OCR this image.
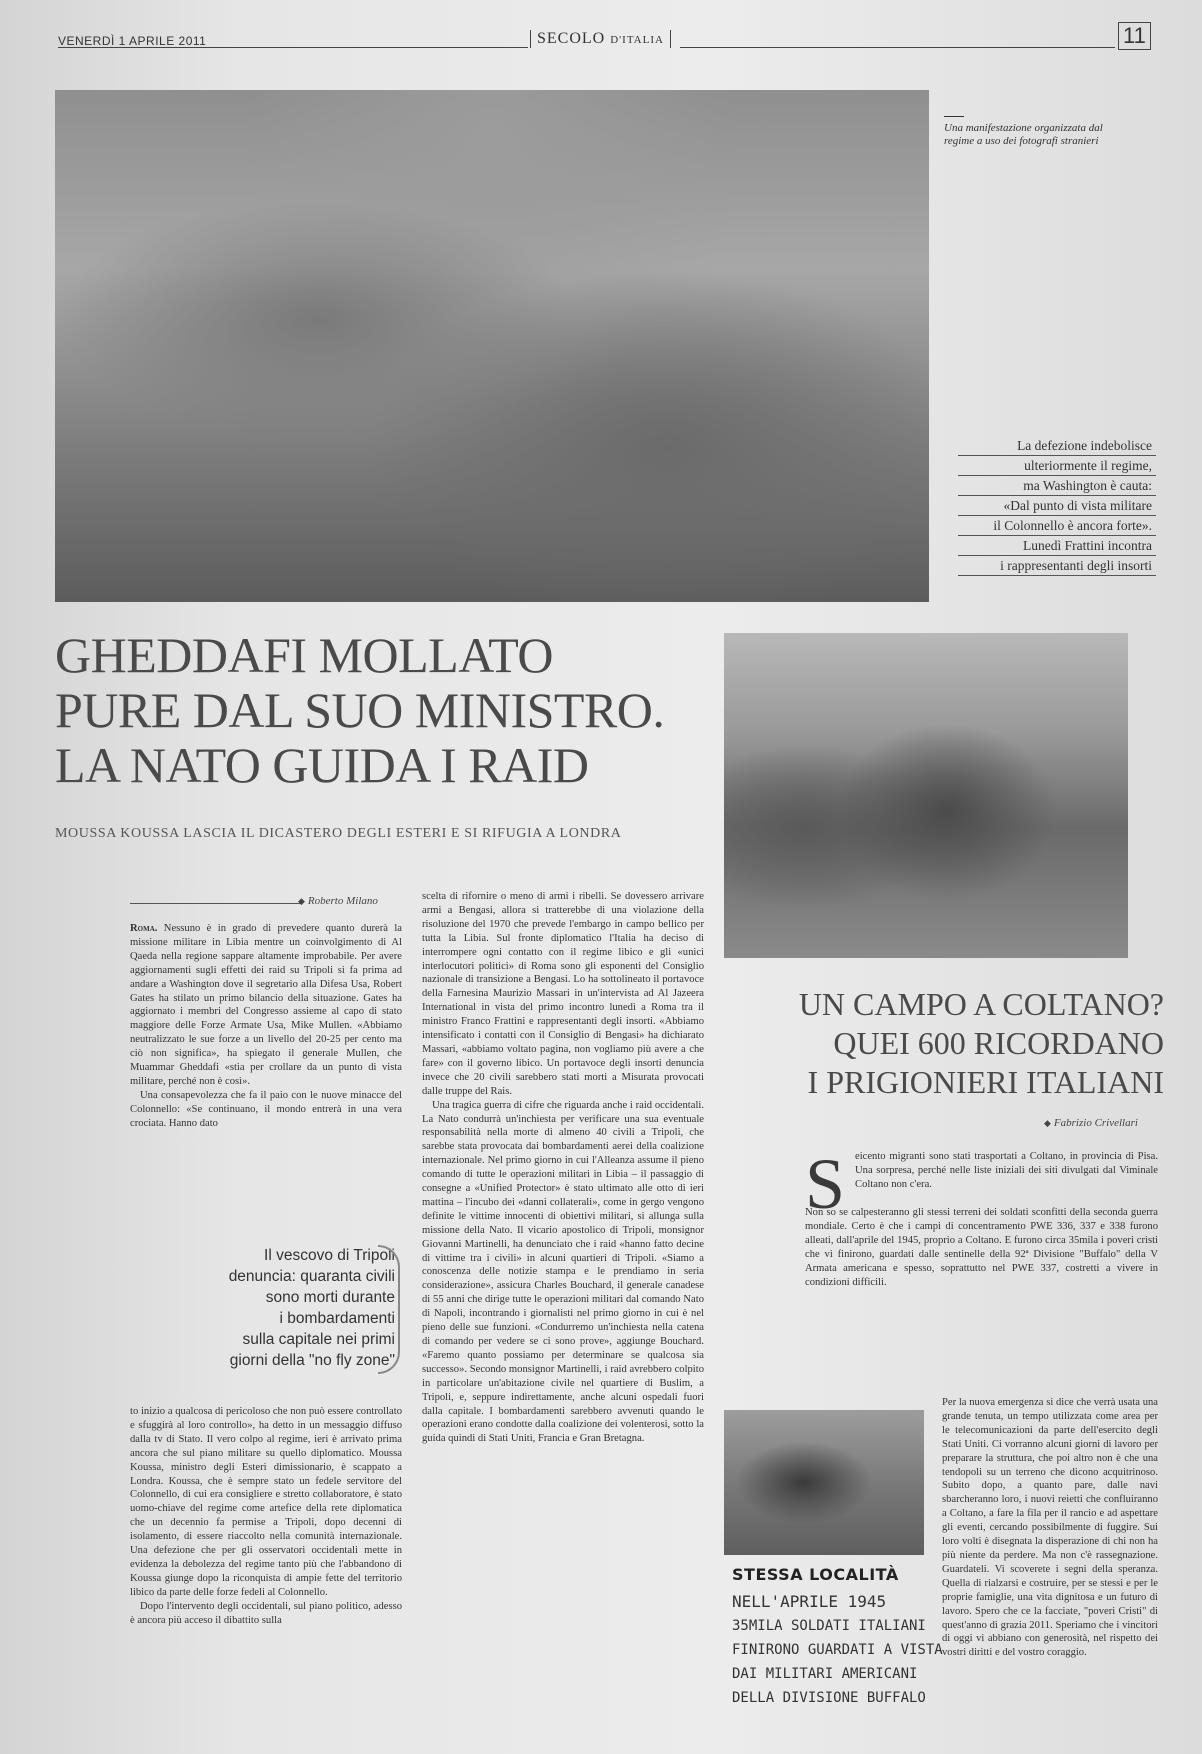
VENERDÌ 1 APRILE 2011	SECOLO D'ITALIA	11
Una manifestazione organizzata dal regime a uso dei fotografi stranieri
La defezione indebolisce
ulteriormente il regime,
ma Washington è cauta:
«Dal punto di vista militare
il Colonnello è ancora forte».
Lunedì Frattini incontra
i rappresentanti degli insorti
GHEDDAFI MOLLATO
PURE DAL SUO MINISTRO.
LA NATO GUIDA I RAID
MOUSSA KOUSSA LASCIA IL DICASTERO DEGLI ESTERI E SI RIFUGIA A LONDRA
◆ Roberto Milano

Roma. Nessuno è in grado di prevedere quanto durerà la missione militare in Libia mentre un coinvolgimento di Al Qaeda nella regione sappare altamente improbabile. Per avere aggiornamenti sugli effetti dei raid su Tripoli si fa prima ad andare a Washington dove il segretario alla Difesa Usa, Robert Gates ha stilato un primo bilancio della situazione. Gates ha aggiornato i membri del Congresso assieme al capo di stato maggiore delle Forze Armate Usa, Mike Mullen. «Abbiamo neutralizzato le sue forze a un livello del 20-25 per cento ma ciò non significa», ha spiegato il generale Mullen, che Muammar Gheddafi «stia per crollare da un punto di vista militare, perché non è così».

Una consapevolezza che fa il paio con le nuove minacce del Colonnello: «Se continuano, il mondo entrerà in una vera crociata. Hanno dato

Il vescovo di Tripoli
denuncia: quaranta civili
sono morti durante
i bombardamenti
sulla capitale nei primi
giorni della "no fly zone"

to inizio a qualcosa di pericoloso che non può essere controllato e sfuggirà al loro controllo», ha detto in un messaggio diffuso dalla tv di Stato. Il vero colpo al regime, ieri è arrivato prima ancora che sul piano militare su quello diplomatico. Moussa Koussa, ministro degli Esteri dimissionario, è scappato a Londra. Koussa, che è sempre stato un fedele servitore del Colonnello, di cui era consigliere e stretto collaboratore, è stato uomo-chiave del regime come artefice della rete diplomatica che un decennio fa permise a Tripoli, dopo decenni di isolamento, di essere riaccolto nella comunità internazionale. Una defezione che per gli osservatori occidentali mette in evidenza la debolezza del regime tanto più che l'abbandono di Koussa giunge dopo la riconquista di ampie fette del territorio libico da parte delle forze fedeli al Colonnello.

Dopo l'intervento degli occidentali, sul piano politico, adesso è ancora più acceso il dibattito sulla

scelta di rifornire o meno di armi i ribelli. Se dovessero arrivare armi a Bengasi, allora si tratterebbe di una violazione della risoluzione del 1970 che prevede l'embargo in campo bellico per tutta la Libia. Sul fronte diplomatico l'Italia ha deciso di interrompere ogni contatto con il regime libico e gli «unici interlocutori politici» di Roma sono gli esponenti del Consiglio nazionale di transizione a Bengasi. Lo ha sottolineato il portavoce della Farnesina Maurizio Massari in un'intervista ad Al Jazeera International in vista del primo incontro lunedì a Roma tra il ministro Franco Frattini e rappresentanti degli insorti. «Abbiamo intensificato i contatti con il Consiglio di Bengasi» ha dichiarato Massari, «abbiamo voltato pagina, non vogliamo più avere a che fare» con il governo libico. Un portavoce degli insorti denuncia invece che 20 civili sarebbero stati morti a Misurata provocati dalle truppe del Rais.

Una tragica guerra di cifre che riguarda anche i raid occidentali. La Nato condurrà un'inchiesta per verificare una sua eventuale responsabilità nella morte di almeno 40 civili a Tripoli, che sarebbe stata provocata dai bombardamenti aerei della coalizione internazionale. Nel primo giorno in cui l'Alleanza assume il pieno comando di tutte le operazioni militari in Libia – il passaggio di consegne a «Unified Protector» è stato ultimato alle otto di ieri mattina – l'incubo dei «danni collaterali», come in gergo vengono definite le vittime innocenti di obiettivi militari, si allunga sulla missione della Nato. Il vicario apostolico di Tripoli, monsignor Giovanni Martinelli, ha denunciato che i raid «hanno fatto decine di vittime tra i civili» in alcuni quartieri di Tripoli. «Siamo a conoscenza delle notizie stampa e le prendiamo in seria considerazione», assicura Charles Bouchard, il generale canadese di 55 anni che dirige tutte le operazioni militari dal comando Nato di Napoli, incontrando i giornalisti nel primo giorno in cui è nel pieno delle sue funzioni. «Condurremo un'inchiesta nella catena di comando per vedere se ci sono prove», aggiunge Bouchard. «Faremo quanto possiamo per determinare se qualcosa sia successo». Secondo monsignor Martinelli, i raid avrebbero colpito in particolare un'abitazione civile nel quartiere di Buslim, a Tripoli, e, seppure indirettamente, anche alcuni ospedali fuori dalla capitale. I bombardamenti sarebbero avvenuti quando le operazioni erano condotte dalla coalizione dei volenterosi, sotto la guida quindi di Stati Uniti, Francia e Gran Bretagna.

UN CAMPO A COLTANO?
QUEI 600 RICORDANO
I PRIGIONIERI ITALIANI
◆ Fabrizio Crivellari
S eicento migranti sono stati trasportati a Coltano, in provincia di Pisa. Una sorpresa, perché nelle liste iniziali dei siti divulgati dal Viminale Coltano non c'era.

Non so se calpesteranno gli stessi terreni dei soldati sconfitti della seconda guerra mondiale. Certo è che i campi di concentramento PWE 336, 337 e 338 furono alleati, dall'aprile del 1945, proprio a Coltano. E furono circa 35mila i poveri cristi che vi finirono, guardati dalle sentinelle della 92ª Divisione "Buffalo" della V Armata americana e spesso, soprattutto nel PWE 337, costretti a vivere in condizioni difficili.

Per la nuova emergenza si dice che verrà usata una grande tenuta, un tempo utilizzata come area per le telecomunicazioni da parte dell'esercito degli Stati Uniti. Ci vorranno alcuni giorni di lavoro per preparare la struttura, che poi altro non è che una tendopoli su un terreno che dicono acquitrinoso. Subito dopo, a quanto pare, dalle navi sbarcheranno loro, i nuovi reietti che confluiranno a Coltano, a fare la fila per il rancio e ad aspettare gli eventi, cercando possibilmente di fuggire. Sui loro volti è disegnata la disperazione di chi non ha più niente da perdere. Ma non c'è rassegnazione. Guardateli. Vi scoverete i segni della speranza. Quella di rialzarsi e costruire, per se stessi e per le proprie famiglie, una vita dignitosa e un futuro di lavoro. Spero che ce la facciate, "poveri Cristi" di quest'anno di grazia 2011. Speriamo che i vincitori di oggi vi abbiano con generosità, nel rispetto dei vostri diritti e del vostro coraggio.

STESSA LOCALITÀ
NELL'APRILE 1945
35MILA SOLDATI ITALIANI
FINIRONO GUARDATI A VISTA
DAI MILITARI AMERICANI
DELLA DIVISIONE BUFFALO
